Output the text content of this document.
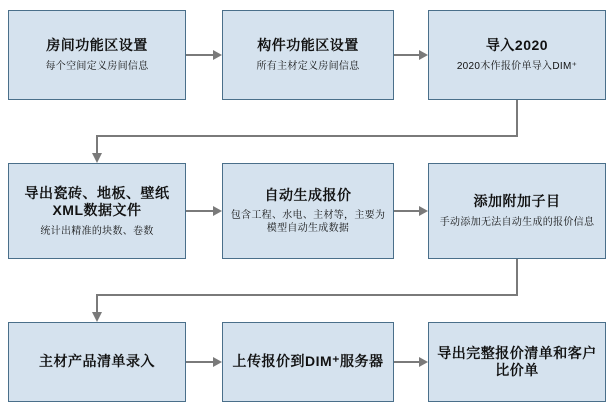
房间功能区设置
每个空间定义房间信息
构件功能区设置
所有主材定义房间信息
导入2020
2020木作报价单导入DIM⁺
导出瓷砖、地板、壁纸XML数据文件
统计出精准的块数、卷数
自动生成报价
包含工程、水电、主材等，主要为模型自动生成数据
添加附加子目
手动添加无法自动生成的报价信息
主材产品清单录入	上传报价到DIM⁺服务器
导出完整报价清单和客户比价单
